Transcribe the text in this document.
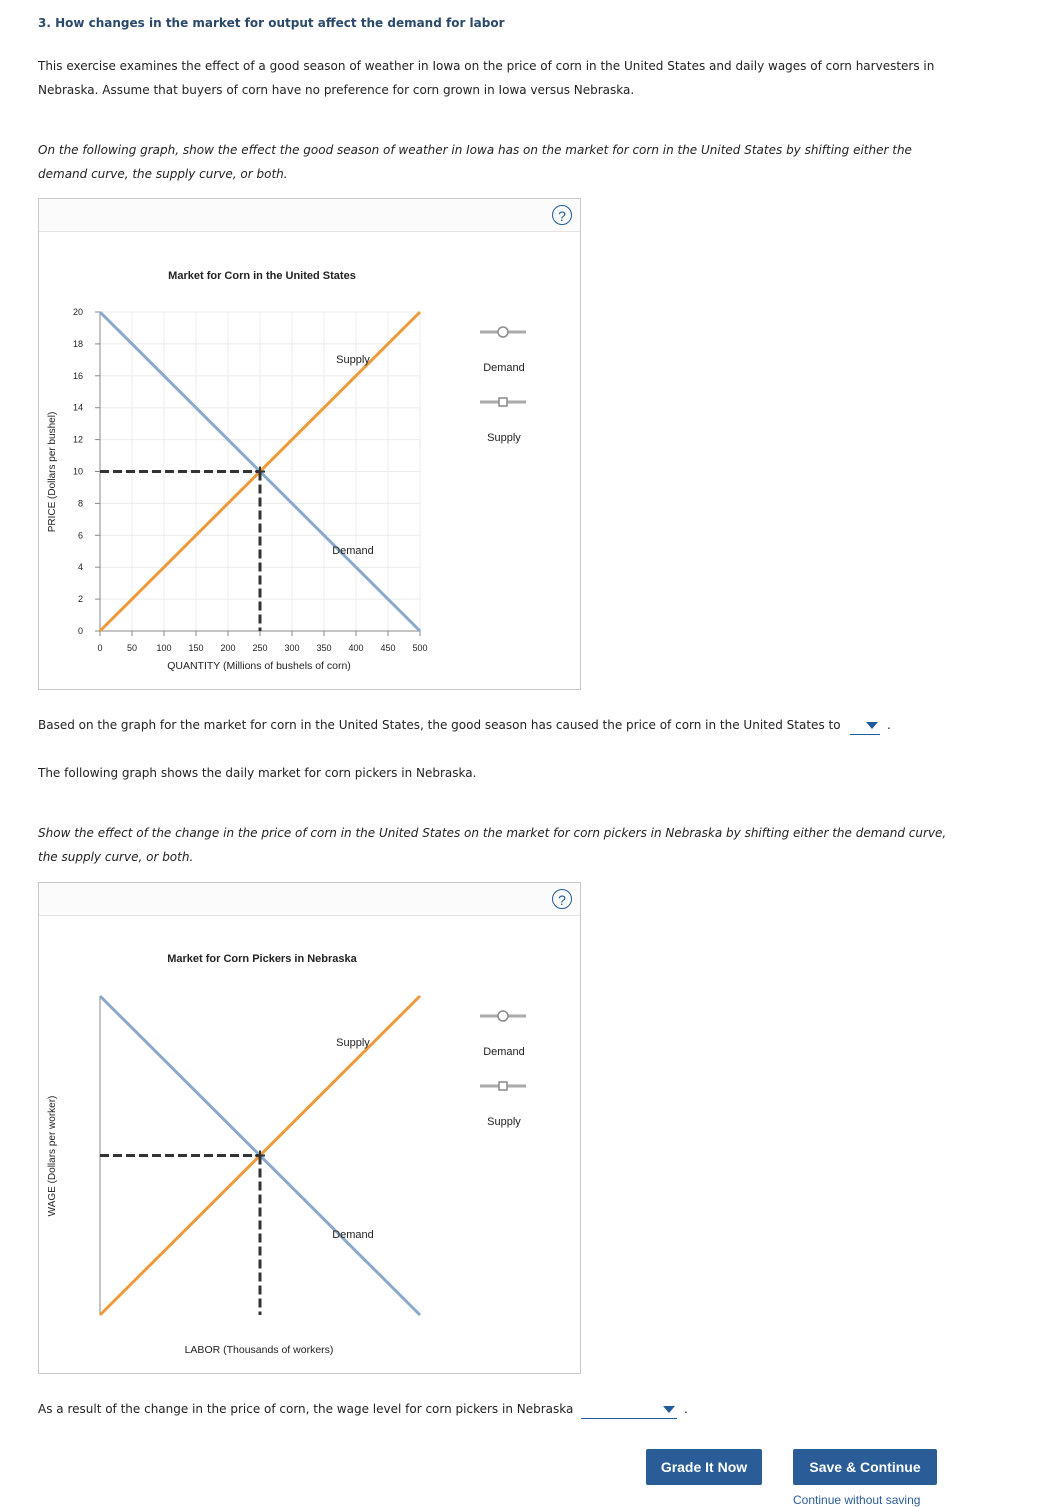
3. How changes in the market for output affect the demand for labor
This exercise examines the effect of a good season of weather in Iowa on the price of corn in the United States and daily wages of corn harvesters in
Nebraska. Assume that buyers of corn have no preference for corn grown in Iowa versus Nebraska.
On the following graph, show the effect the good season of weather in Iowa has on the market for corn in the United States by shifting either the
demand curve, the supply curve, or both.
?
Market for Corn in the United States
PRICE (Dollars per bushel)
0
2
4
6
8
10
12
14
16
18
20
0	50 100 150 200 250 300 350 400 450 500
QUANTITY (Millions of bushels of corn)
Supply
Demand
Demand
Supply
Based on the graph for the market for corn in the United States, the good season has caused the price of corn in the United States to	.
The following graph shows the daily market for corn pickers in Nebraska.
Show the effect of the change in the price of corn in the United States on the market for corn pickers in Nebraska by shifting either the demand curve,
the supply curve, or both.
?
Market for Corn Pickers in Nebraska
WAGE (Dollars per worker)
LABOR (Thousands of workers)
Supply
Demand
Demand
Supply
As a result of the change in the price of corn, the wage level for corn pickers in Nebraska	.
Grade It Now	Save & Continue
Continue without saving
